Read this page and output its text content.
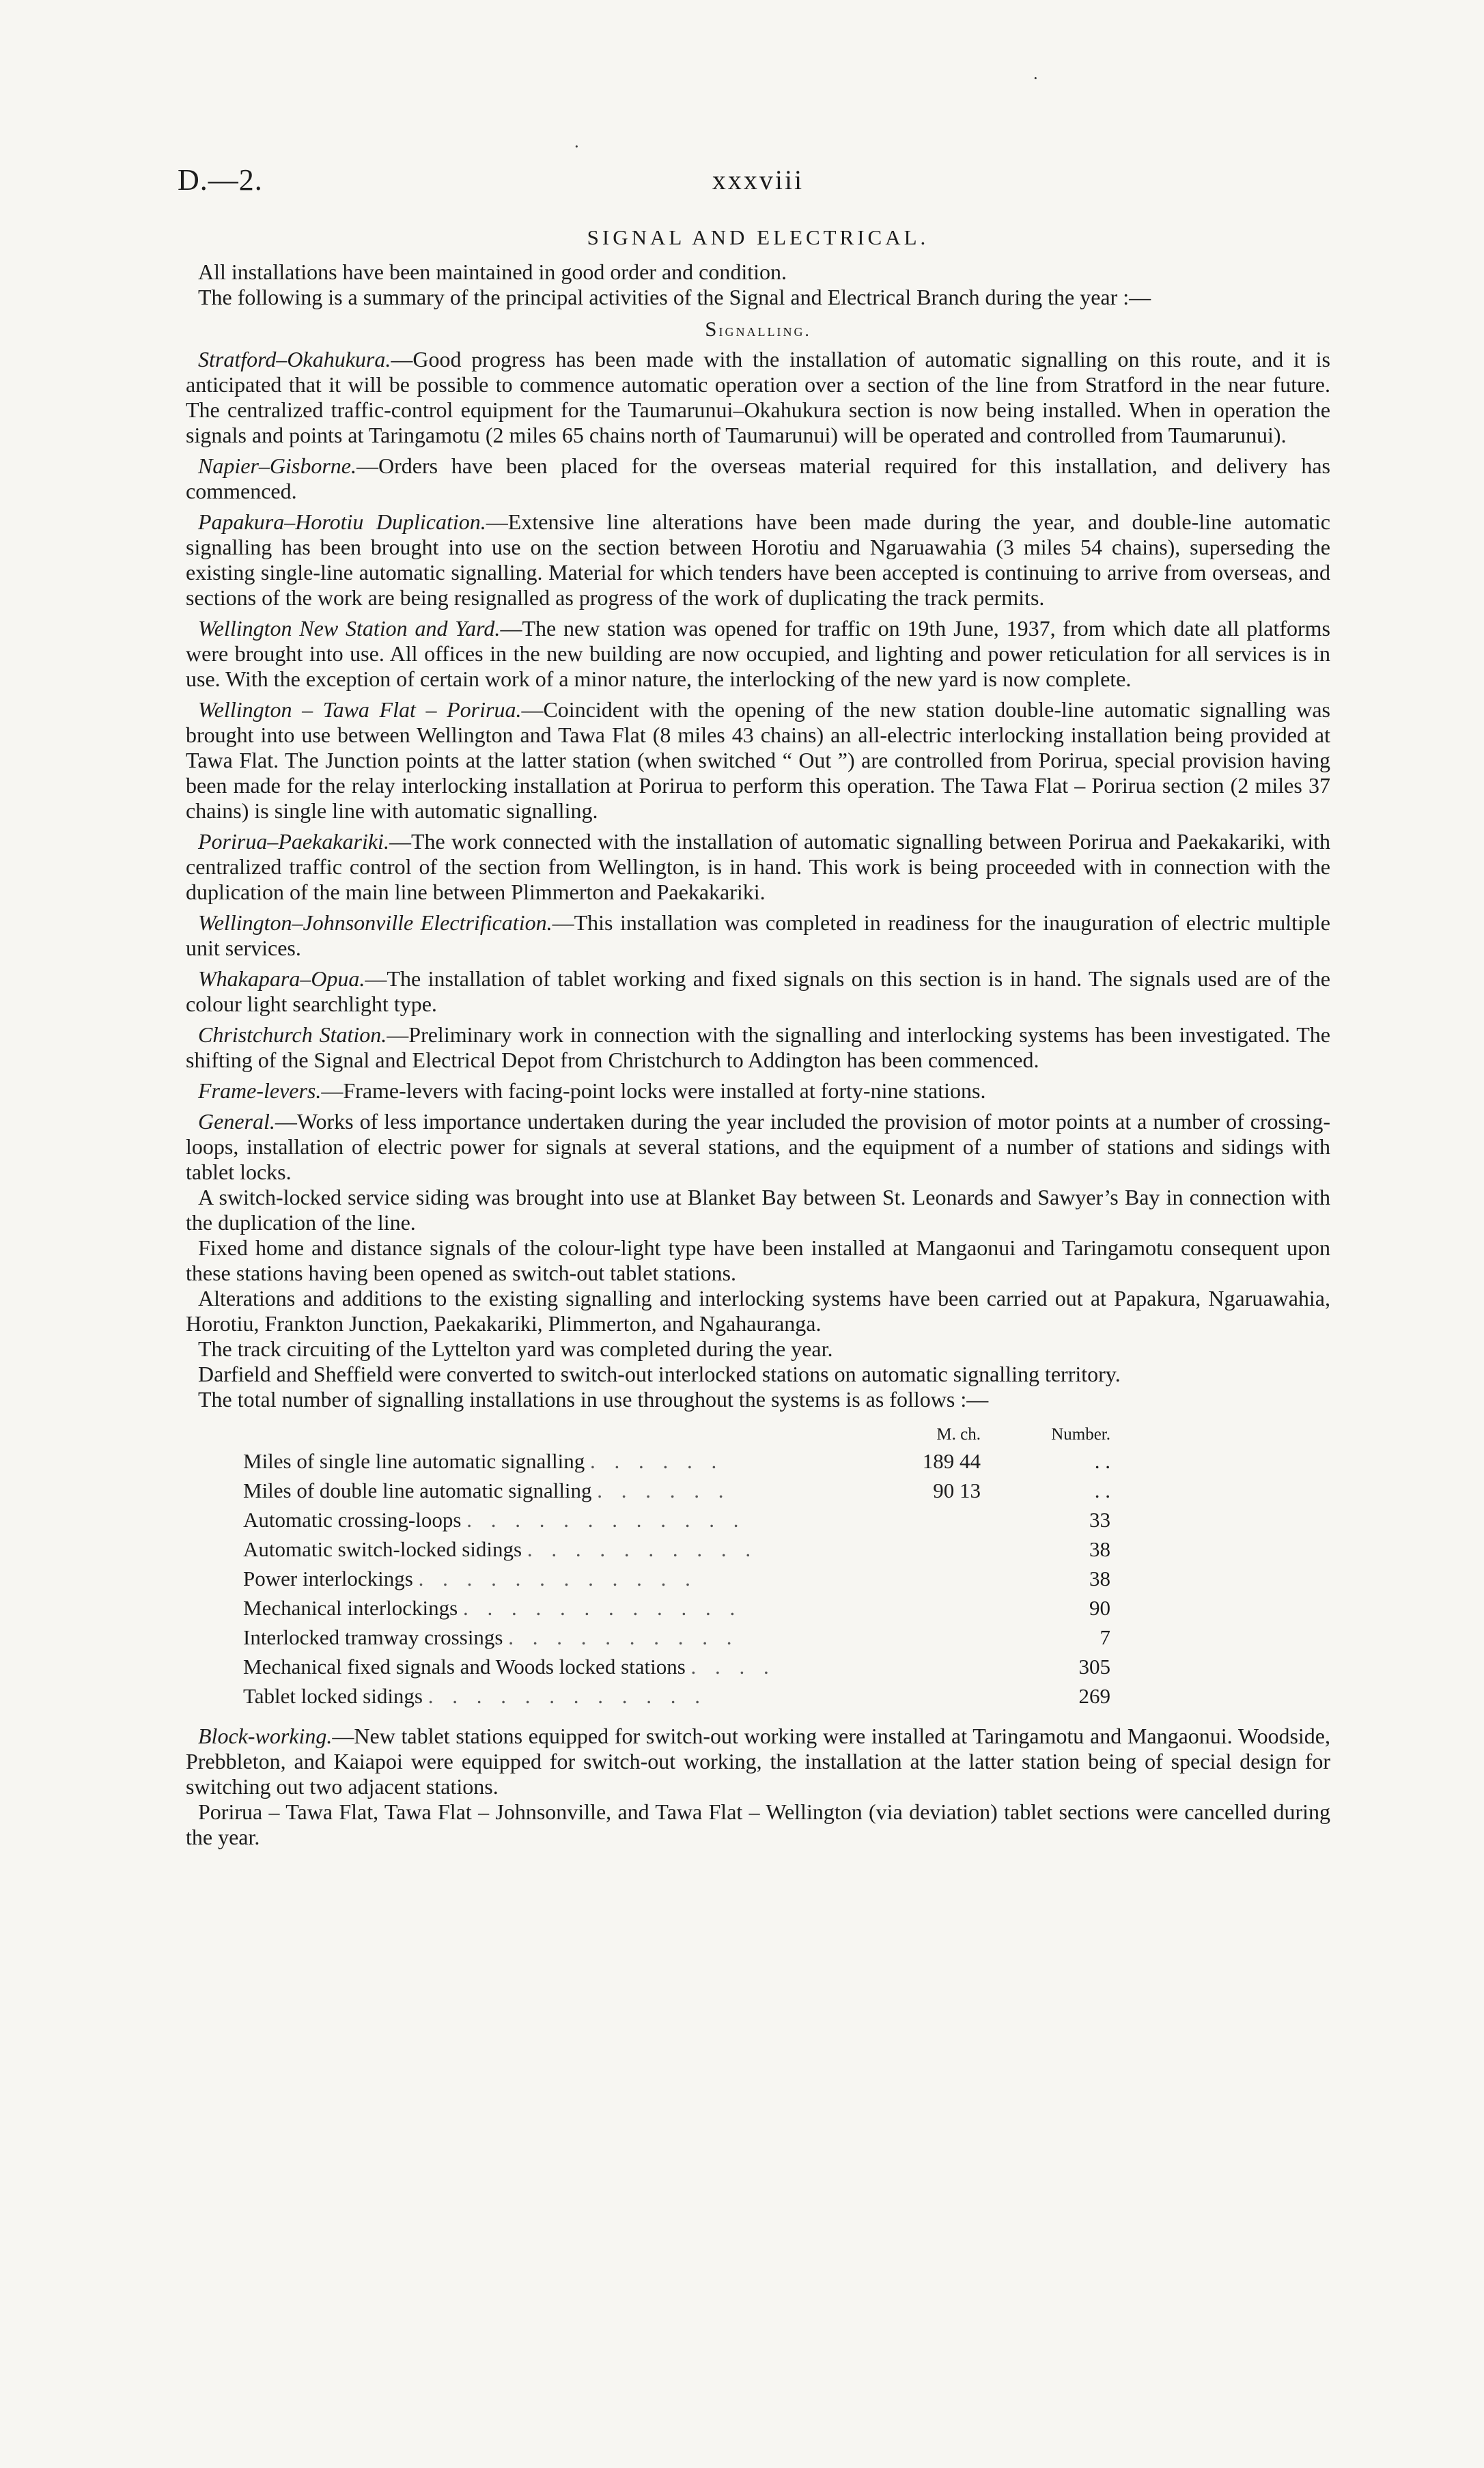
·
·
D.—2.	xxxviii
SIGNAL AND ELECTRICAL.

All installations have been maintained in good order and condition.

The following is a summary of the principal activities of the Signal and Electrical Branch during the year :—

Signalling.

Stratford–Okahukura.—Good progress has been made with the installation of automatic signalling on this route, and it is anticipated that it will be possible to commence automatic operation over a section of the line from Stratford in the near future. The centralized traffic-control equipment for the Taumarunui–Okahukura section is now being installed. When in operation the signals and points at Taringamotu (2 miles 65 chains north of Taumarunui) will be operated and controlled from Taumarunui).

Napier–Gisborne.—Orders have been placed for the overseas material required for this installation, and delivery has commenced.

Papakura–Horotiu Duplication.—Extensive line alterations have been made during the year, and double-line automatic signalling has been brought into use on the section between Horotiu and Ngaruawahia (3 miles 54 chains), superseding the existing single-line automatic signalling. Material for which tenders have been accepted is continuing to arrive from overseas, and sections of the work are being resignalled as progress of the work of duplicating the track permits.

Wellington New Station and Yard.—The new station was opened for traffic on 19th June, 1937, from which date all platforms were brought into use. All offices in the new building are now occupied, and lighting and power reticulation for all services is in use. With the exception of certain work of a minor nature, the interlocking of the new yard is now complete.

Wellington – Tawa Flat – Porirua.—Coincident with the opening of the new station double-line automatic signalling was brought into use between Wellington and Tawa Flat (8 miles 43 chains) an all-electric interlocking installation being provided at Tawa Flat. The Junction points at the latter station (when switched “ Out ”) are controlled from Porirua, special provision having been made for the relay interlocking installation at Porirua to perform this operation. The Tawa Flat – Porirua section (2 miles 37 chains) is single line with automatic signalling.

Porirua–Paekakariki.—The work connected with the installation of automatic signalling between Porirua and Paekakariki, with centralized traffic control of the section from Wellington, is in hand. This work is being proceeded with in connection with the duplication of the main line between Plimmerton and Paekakariki.

Wellington–Johnsonville Electrification.—This installation was completed in readiness for the inauguration of electric multiple unit services.

Whakapara–Opua.—The installation of tablet working and fixed signals on this section is in hand. The signals used are of the colour light searchlight type.

Christchurch Station.—Preliminary work in connection with the signalling and interlocking systems has been investigated. The shifting of the Signal and Electrical Depot from Christchurch to Addington has been commenced.

Frame-levers.—Frame-levers with facing-point locks were installed at forty-nine stations.

General.—Works of less importance undertaken during the year included the provision of motor points at a number of crossing-loops, installation of electric power for signals at several stations, and the equipment of a number of stations and sidings with tablet locks.

A switch-locked service siding was brought into use at Blanket Bay between St. Leonards and Sawyer’s Bay in connection with the duplication of the line.

Fixed home and distance signals of the colour-light type have been installed at Mangaonui and Taringamotu consequent upon these stations having been opened as switch-out tablet stations.

Alterations and additions to the existing signalling and interlocking systems have been carried out at Papakura, Ngaruawahia, Horotiu, Frankton Junction, Paekakariki, Plimmerton, and Ngahauranga.

The track circuiting of the Lyttelton yard was completed during the year.

Darfield and Sheffield were converted to switch-out interlocked stations on automatic signalling territory.

The total number of signalling installations in use throughout the systems is as follows :—

	M. ch.	Number.
Miles of single line automatic signalling . . . . . .	189 44	. .
Miles of double line automatic signalling . . . . . .	90 13	. .
Automatic crossing-loops . . . . . . . . . . . .		33
Automatic switch-locked sidings . . . . . . . . . .		38
Power interlockings . . . . . . . . . . . .		38
Mechanical interlockings . . . . . . . . . . . .		90
Interlocked tramway crossings . . . . . . . . . .		7
Mechanical fixed signals and Woods locked stations . . . .		305
Tablet locked sidings . . . . . . . . . . . .		269

Block-working.—New tablet stations equipped for switch-out working were installed at Taringamotu and Mangaonui. Woodside, Prebbleton, and Kaiapoi were equipped for switch-out working, the installation at the latter station being of special design for switching out two adjacent stations.

Porirua – Tawa Flat, Tawa Flat – Johnsonville, and Tawa Flat – Wellington (via deviation) tablet sections were cancelled during the year.
